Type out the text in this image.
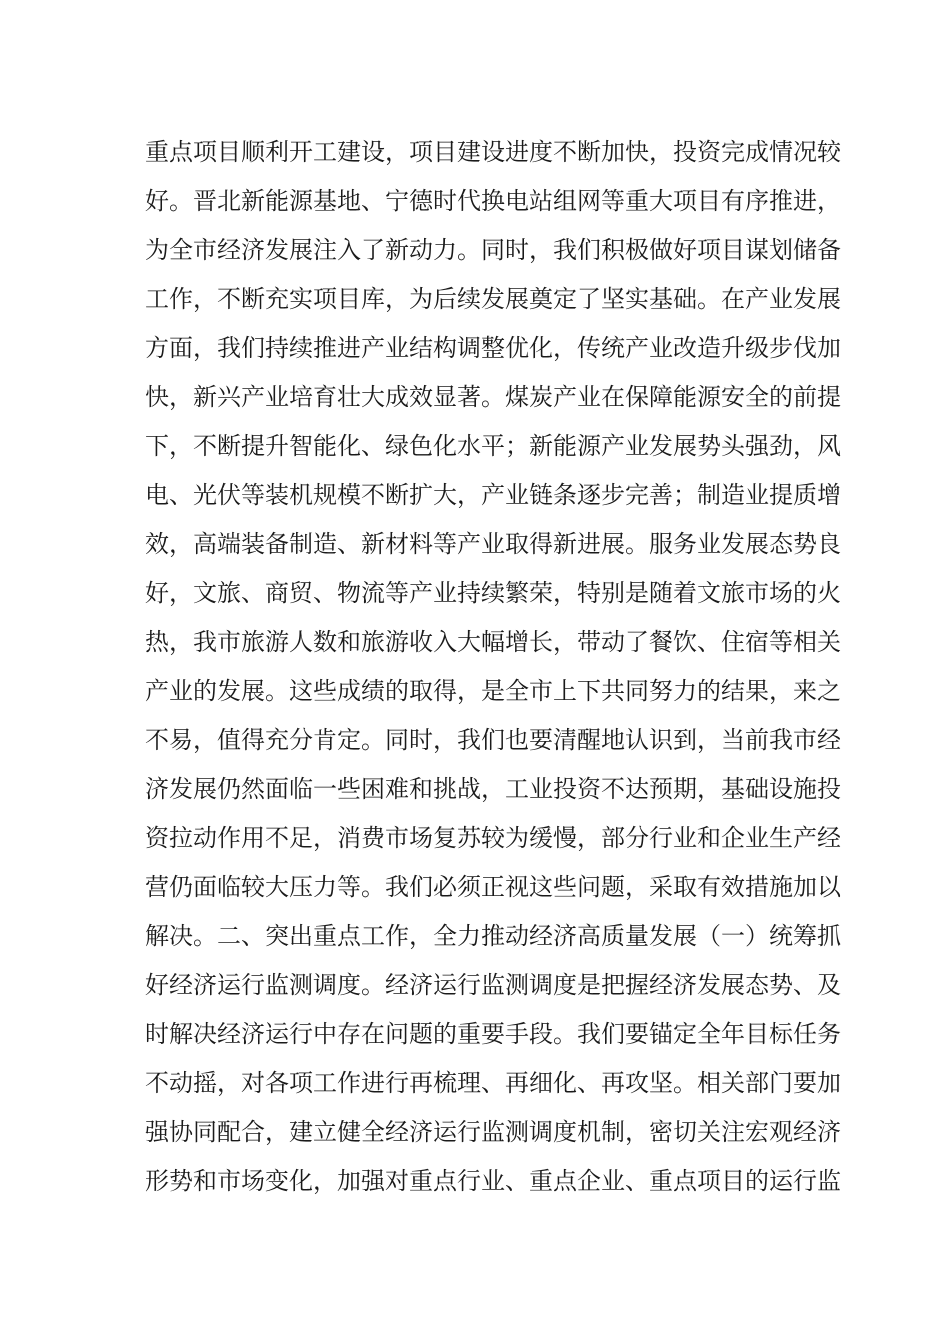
重点项目顺利开工建设，项目建设进度不断加快，投资完成情况较
好。晋北新能源基地、宁德时代换电站组网等重大项目有序推进，
为全市经济发展注入了新动力。同时，我们积极做好项目谋划储备
工作，不断充实项目库，为后续发展奠定了坚实基础。在产业发展
方面，我们持续推进产业结构调整优化，传统产业改造升级步伐加
快，新兴产业培育壮大成效显著。煤炭产业在保障能源安全的前提
下，不断提升智能化、绿色化水平；新能源产业发展势头强劲，风
电、光伏等装机规模不断扩大，产业链条逐步完善；制造业提质增
效，高端装备制造、新材料等产业取得新进展。服务业发展态势良
好，文旅、商贸、物流等产业持续繁荣，特别是随着文旅市场的火
热，我市旅游人数和旅游收入大幅增长，带动了餐饮、住宿等相关
产业的发展。这些成绩的取得，是全市上下共同努力的结果，来之
不易，值得充分肯定。同时，我们也要清醒地认识到，当前我市经
济发展仍然面临一些困难和挑战，工业投资不达预期，基础设施投
资拉动作用不足，消费市场复苏较为缓慢，部分行业和企业生产经
营仍面临较大压力等。我们必须正视这些问题，采取有效措施加以
解决。二、突出重点工作，全力推动经济高质量发展（一）统筹抓
好经济运行监测调度。经济运行监测调度是把握经济发展态势、及
时解决经济运行中存在问题的重要手段。我们要锚定全年目标任务
不动摇，对各项工作进行再梳理、再细化、再攻坚。相关部门要加
强协同配合，建立健全经济运行监测调度机制，密切关注宏观经济
形势和市场变化，加强对重点行业、重点企业、重点项目的运行监
